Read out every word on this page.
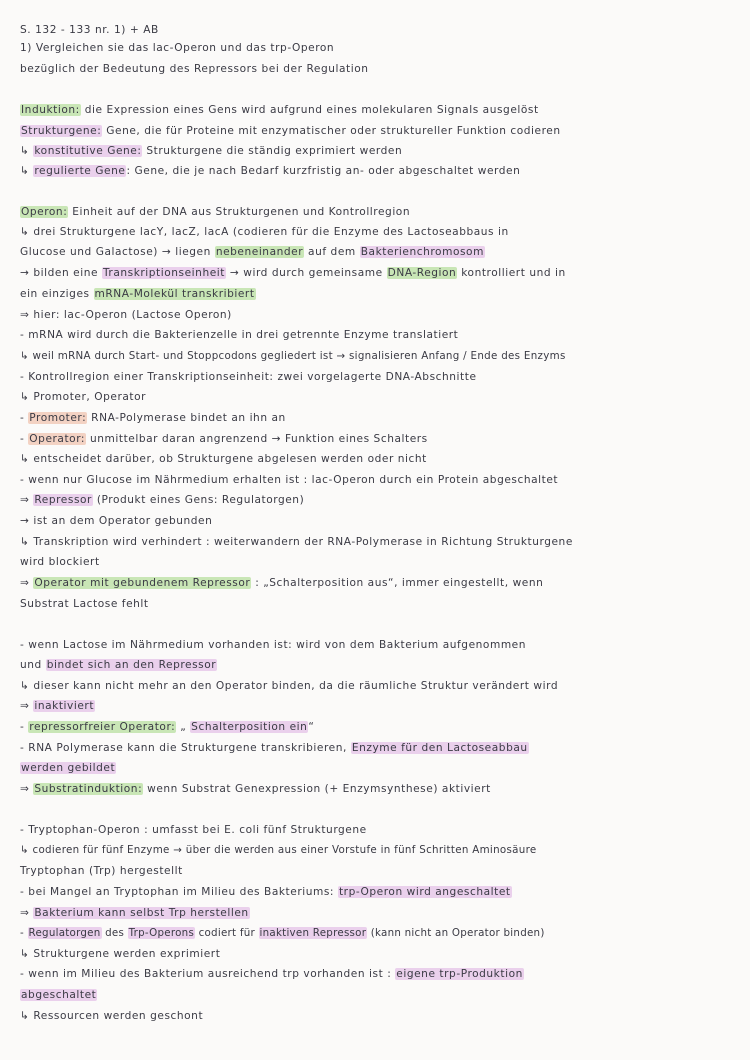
S. 132 - 133 nr. 1) + AB
1) Vergleichen sie das lac-Operon und das trp-Operon
bezüglich der Bedeutung des Repressors bei der Regulation
Induktion: die Expression eines Gens wird aufgrund eines molekularen Signals ausgelöst
Strukturgene: Gene, die für Proteine mit enzymatischer oder struktureller Funktion codieren
↳ konstitutive Gene: Strukturgene die ständig exprimiert werden
↳ regulierte Gene: Gene, die je nach Bedarf kurzfristig an- oder abgeschaltet werden
Operon: Einheit auf der DNA aus Strukturgenen und Kontrollregion
↳ drei Strukturgene lacY, lacZ, lacA (codieren für die Enzyme des Lactoseabbaus in
Glucose und Galactose) → liegen nebeneinander auf dem Bakterienchromosom
→ bilden eine Transkriptionseinheit → wird durch gemeinsame DNA-Region kontrolliert und in
ein einziges mRNA-Molekül transkribiert
⇒ hier: lac-Operon (Lactose Operon)
- mRNA wird durch die Bakterienzelle in drei getrennte Enzyme translatiert
↳ weil mRNA durch Start- und Stoppcodons gegliedert ist → signalisieren Anfang / Ende des Enzyms
- Kontrollregion einer Transkriptionseinheit: zwei vorgelagerte DNA-Abschnitte
↳ Promoter, Operator
- Promoter: RNA-Polymerase bindet an ihn an
- Operator: unmittelbar daran angrenzend → Funktion eines Schalters
↳ entscheidet darüber, ob Strukturgene abgelesen werden oder nicht
- wenn nur Glucose im Nährmedium erhalten ist : lac-Operon durch ein Protein abgeschaltet
⇒ Repressor (Produkt eines Gens: Regulatorgen)
→ ist an dem Operator gebunden
↳ Transkription wird verhindert : weiterwandern der RNA-Polymerase in Richtung Strukturgene
wird blockiert
⇒ Operator mit gebundenem Repressor : „Schalterposition aus“, immer eingestellt, wenn
Substrat Lactose fehlt
- wenn Lactose im Nährmedium vorhanden ist: wird von dem Bakterium aufgenommen
und bindet sich an den Repressor
↳ dieser kann nicht mehr an den Operator binden, da die räumliche Struktur verändert wird
⇒ inaktiviert
- repressorfreier Operator: „ Schalterposition ein“
- RNA Polymerase kann die Strukturgene transkribieren, Enzyme für den Lactoseabbau
werden gebildet
⇒ Substratinduktion: wenn Substrat Genexpression (+ Enzymsynthese) aktiviert
- Tryptophan-Operon : umfasst bei E. coli fünf Strukturgene
↳ codieren für fünf Enzyme → über die werden aus einer Vorstufe in fünf Schritten Aminosäure
Tryptophan (Trp) hergestellt
- bei Mangel an Tryptophan im Milieu des Bakteriums: trp-Operon wird angeschaltet
⇒ Bakterium kann selbst Trp herstellen
- Regulatorgen des Trp-Operons codiert für inaktiven Repressor (kann nicht an Operator binden)
↳ Strukturgene werden exprimiert
- wenn im Milieu des Bakterium ausreichend trp vorhanden ist : eigene trp-Produktion
abgeschaltet
↳ Ressourcen werden geschont
